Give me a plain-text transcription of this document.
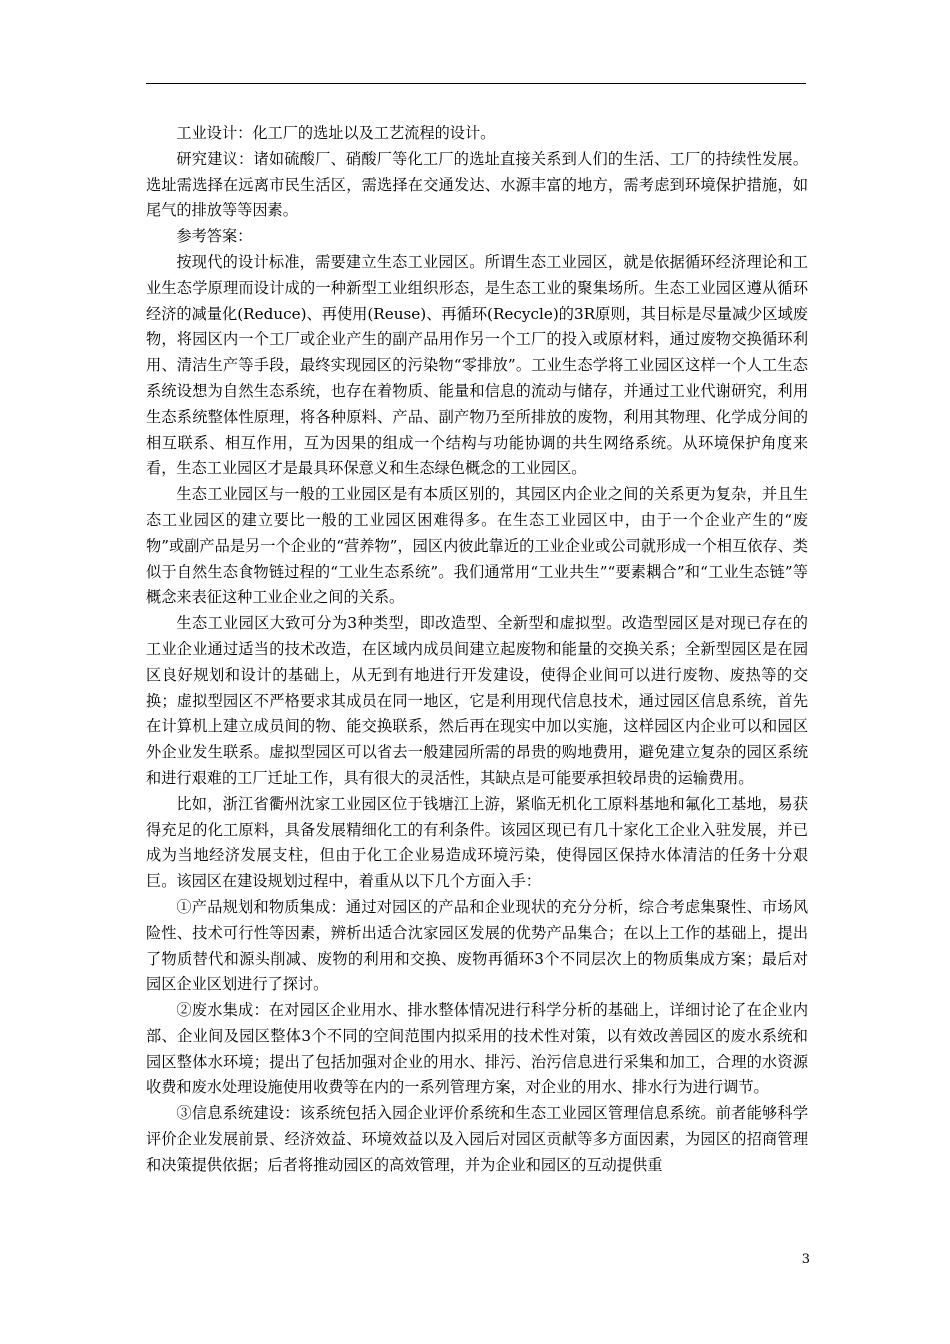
工业设计：化工厂的选址以及工艺流程的设计。

研究建议：诸如硫酸厂、硝酸厂等化工厂的选址直接关系到人们的生活、工厂的持续性发展。选址需选择在远离市民生活区，需选择在交通发达、水源丰富的地方，需考虑到环境保护措施，如尾气的排放等等因素。

参考答案：

按现代的设计标准，需要建立生态工业园区。所谓生态工业园区，就是依据循环经济理论和工业生态学原理而设计成的一种新型工业组织形态，是生态工业的聚集场所。生态工业园区遵从循环经济的减量化(Reduce)、再使用(Reuse)、再循环(Recycle)的3R原则，其目标是尽量减少区域废物，将园区内一个工厂或企业产生的副产品用作另一个工厂的投入或原材料，通过废物交换循环利用、清洁生产等手段，最终实现园区的污染物“零排放”。工业生态学将工业园区这样一个人工生态系统设想为自然生态系统，也存在着物质、能量和信息的流动与储存，并通过工业代谢研究，利用生态系统整体性原理，将各种原料、产品、副产物乃至所排放的废物，利用其物理、化学成分间的相互联系、相互作用，互为因果的组成一个结构与功能协调的共生网络系统。从环境保护角度来看，生态工业园区才是最具环保意义和生态绿色概念的工业园区。

生态工业园区与一般的工业园区是有本质区别的，其园区内企业之间的关系更为复杂，并且生态工业园区的建立要比一般的工业园区困难得多。在生态工业园区中，由于一个企业产生的“废物”或副产品是另一个企业的“营养物”，园区内彼此靠近的工业企业或公司就形成一个相互依存、类似于自然生态食物链过程的“工业生态系统”。我们通常用“工业共生”“要素耦合”和“工业生态链”等概念来表征这种工业企业之间的关系。

生态工业园区大致可分为3种类型，即改造型、全新型和虚拟型。改造型园区是对现已存在的工业企业通过适当的技术改造，在区域内成员间建立起废物和能量的交换关系；全新型园区是在园区良好规划和设计的基础上，从无到有地进行开发建设，使得企业间可以进行废物、废热等的交换；虚拟型园区不严格要求其成员在同一地区，它是利用现代信息技术，通过园区信息系统，首先在计算机上建立成员间的物、能交换联系，然后再在现实中加以实施，这样园区内企业可以和园区外企业发生联系。虚拟型园区可以省去一般建园所需的昂贵的购地费用，避免建立复杂的园区系统和进行艰难的工厂迁址工作，具有很大的灵活性，其缺点是可能要承担较昂贵的运输费用。

比如，浙江省衢州沈家工业园区位于钱塘江上游，紧临无机化工原料基地和氟化工基地，易获得充足的化工原料，具备发展精细化工的有利条件。该园区现已有几十家化工企业入驻发展，并已成为当地经济发展支柱，但由于化工企业易造成环境污染，使得园区保持水体清洁的任务十分艰巨。该园区在建设规划过程中，着重从以下几个方面入手：

①产品规划和物质集成：通过对园区的产品和企业现状的充分分析，综合考虑集聚性、市场风险性、技术可行性等因素，辨析出适合沈家园区发展的优势产品集合；在以上工作的基础上，提出了物质替代和源头削减、废物的利用和交换、废物再循环3个不同层次上的物质集成方案；最后对园区企业区划进行了探讨。

②废水集成：在对园区企业用水、排水整体情况进行科学分析的基础上，详细讨论了在企业内部、企业间及园区整体3个不同的空间范围内拟采用的技术性对策，以有效改善园区的废水系统和园区整体水环境；提出了包括加强对企业的用水、排污、治污信息进行采集和加工，合理的水资源收费和废水处理设施使用收费等在内的一系列管理方案，对企业的用水、排水行为进行调节。

③信息系统建设：该系统包括入园企业评价系统和生态工业园区管理信息系统。前者能够科学评价企业发展前景、经济效益、环境效益以及入园后对园区贡献等多方面因素，为园区的招商管理和决策提供依据；后者将推动园区的高效管理，并为企业和园区的互动提供重

3
